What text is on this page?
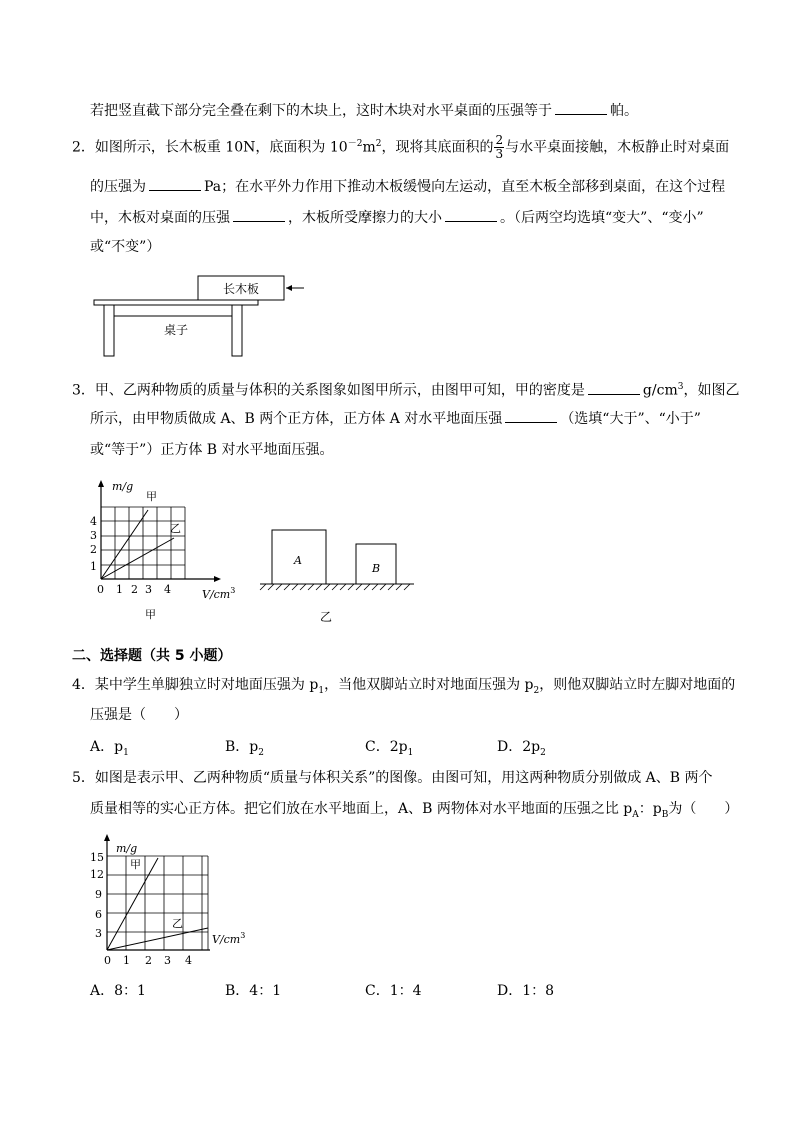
若把竖直截下部分完全叠在剩下的木块上，这时木块对水平桌面的压强等于	帕。
2．如图所示，长木板重 10N，底面积为 $10^{-2}m^2$，现将其底面积的 $\frac{2}{3}$ 与水平桌面接触，木板静止时对桌面
的压强为	Pa；在水平外力作用下推动木板缓慢向左运动，直至木板全部移到桌面，在这个过程
中，木板对桌面的压强	，木板所受摩擦力的大小	。（后两空均选填“变大”、“变小”
或“不变”）
长木板
桌子
3．甲、乙两种物质的质量与体积的关系图象如图甲所示，由图甲可知，甲的密度是	$g/cm^3$，如图乙
所示，由甲物质做成 A、B 两个正方体，正方体 A 对水平地面压强	（选填“大于”、“小于”
或“等于”）正方体 B 对水平地面压强。
m/g
甲
乙
4
3
2
1
0 1 2 3 4	$V/cm^3$
甲
A
B
乙
二、选择题（共 5 小题）
4．某中学生单脚独立时对地面压强为 $p_1$，当他双脚站立时对地面压强为 $p_2$，则他双脚站立时左脚对地面的
压强是（　　）
A．$p_1$	B．$p_2$	C．$2p_1$	D．$2p_2$
5．如图是表示甲、乙两种物质“质量与体积关系”的图像。由图可知，用这两种物质分别做成 A、B 两个
质量相等的实心正方体。把它们放在水平地面上，A、B 两物体对水平地面的压强之比 $p_A$：$p_B$为（　　）
m/g
甲
乙
15
12
9
6
3
0 1 2 3 4
$V/cm^3$
A．8：1	B．4：1	C．1：4	D．1：8
